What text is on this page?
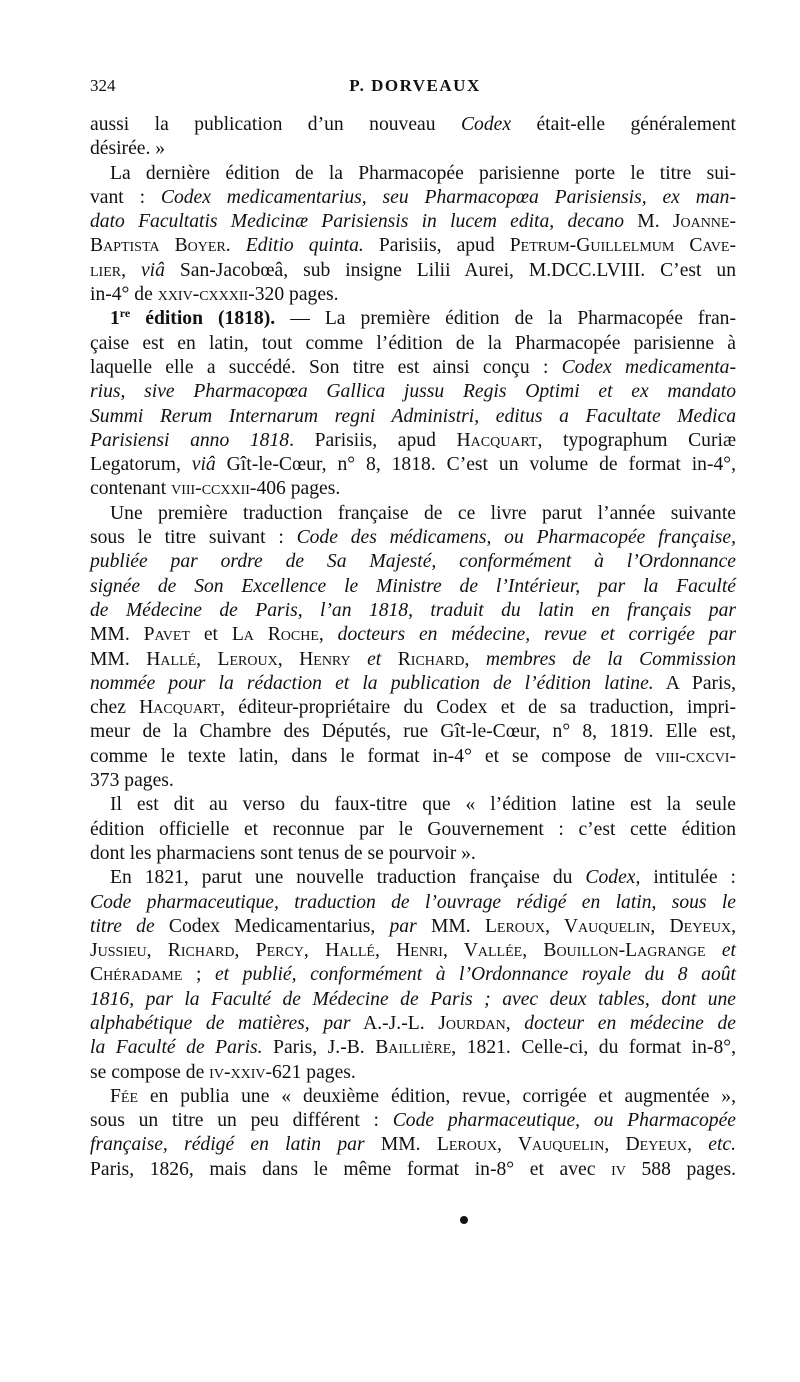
324	P. DORVEAUX
aussi la publication d’un nouveau Codex était-elle généralement
désirée. »
La dernière édition de la Pharmacopée parisienne porte le titre sui-
vant : Codex medicamentarius, seu Pharmacopœa Parisiensis, ex man-
dato Facultatis Medicinæ Parisiensis in lucem edita, decano M. Joanne-
Baptista Boyer. Editio quinta. Parisiis, apud Petrum-Guillelmum Cave-
lier, viâ San-Jacobœâ, sub insigne Lilii Aurei, M.DCC.LVIII. C’est un
in-4° de xxiv-cxxxii-320 pages.
1re édition (1818). — La première édition de la Pharmacopée fran-
çaise est en latin, tout comme l’édition de la Pharmacopée parisienne à
laquelle elle a succédé. Son titre est ainsi conçu : Codex medicamenta-
rius, sive Pharmacopœa Gallica jussu Regis Optimi et ex mandato
Summi Rerum Internarum regni Administri, editus a Facultate Medica
Parisiensi anno 1818. Parisiis, apud Hacquart, typographum Curiæ
Legatorum, viâ Gît-le-Cœur, n° 8, 1818. C’est un volume de format in-4°,
contenant viii-ccxxii-406 pages.
Une première traduction française de ce livre parut l’année suivante
sous le titre suivant : Code des médicamens, ou Pharmacopée française,
publiée par ordre de Sa Majesté, conformément à l’Ordonnance
signée de Son Excellence le Ministre de l’Intérieur, par la Faculté
de Médecine de Paris, l’an 1818, traduit du latin en français par
MM. Pavet et La Roche, docteurs en médecine, revue et corrigée par
MM. Hallé, Leroux, Henry et Richard, membres de la Commission
nommée pour la rédaction et la publication de l’édition latine. A Paris,
chez Hacquart, éditeur-propriétaire du Codex et de sa traduction, impri-
meur de la Chambre des Députés, rue Gît-le-Cœur, n° 8, 1819. Elle est,
comme le texte latin, dans le format in-4° et se compose de viii-cxcvi-
373 pages.
Il est dit au verso du faux-titre que « l’édition latine est la seule
édition officielle et reconnue par le Gouvernement : c’est cette édition
dont les pharmaciens sont tenus de se pourvoir ».
En 1821, parut une nouvelle traduction française du Codex, intitulée :
Code pharmaceutique, traduction de l’ouvrage rédigé en latin, sous le
titre de Codex Medicamentarius, par MM. Leroux, Vauquelin, Deyeux,
Jussieu, Richard, Percy, Hallé, Henri, Vallée, Bouillon-Lagrange et
Chéradame ; et publié, conformément à l’Ordonnance royale du 8 août
1816, par la Faculté de Médecine de Paris ; avec deux tables, dont une
alphabétique de matières, par A.-J.-L. Jourdan, docteur en médecine de
la Faculté de Paris. Paris, J.-B. Baillière, 1821. Celle-ci, du format in-8°,
se compose de iv-xxiv-621 pages.
Fée en publia une « deuxième édition, revue, corrigée et augmentée »,
sous un titre un peu différent : Code pharmaceutique, ou Pharmacopée
française, rédigé en latin par MM. Leroux, Vauquelin, Deyeux, etc.
Paris, 1826, mais dans le même format in-8° et avec iv 588 pages.
